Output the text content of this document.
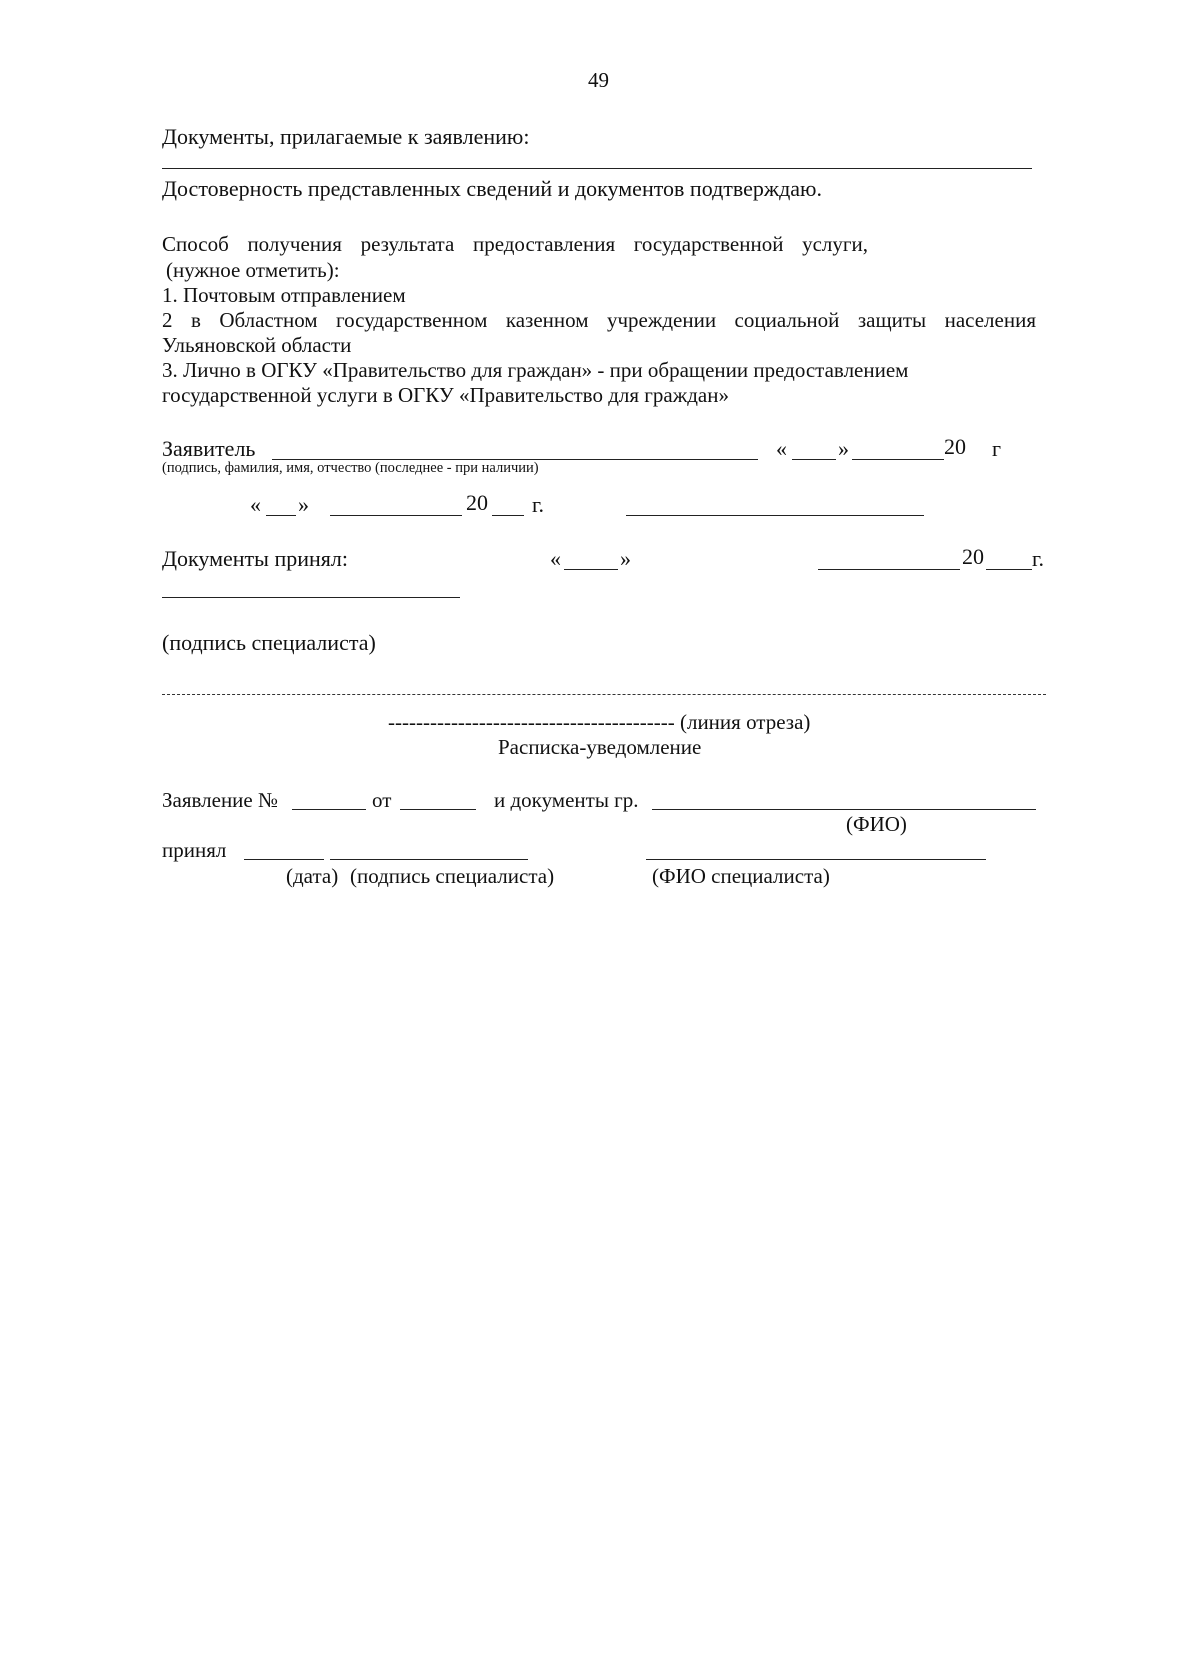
49
Документы, прилагаемые к заявлению:
Достоверность представленных сведений и документов подтверждаю.
Способ получения результата предоставления государственной услуги,
(нужное отметить):
1. Почтовым отправлением
2 в Областном государственном казенном учреждении социальной защиты населения
Ульяновской области
3. Лично в ОГКУ «Правительство для граждан» - при обращении предоставлением
государственной услуги в ОГКУ «Правительство для граждан»
Заявитель	« »	20 г
(подпись, фамилия, имя, отчество (последнее - при наличии)
« »	20 г.
Документы принял:	«	»	20 г.
(подпись специалиста)
----------------------------------------- (линия отреза)
Расписка-уведомление
Заявление №	от	и документы гр.
(ФИО)
принял
(дата) (подпись специалиста)	(ФИО специалиста)
